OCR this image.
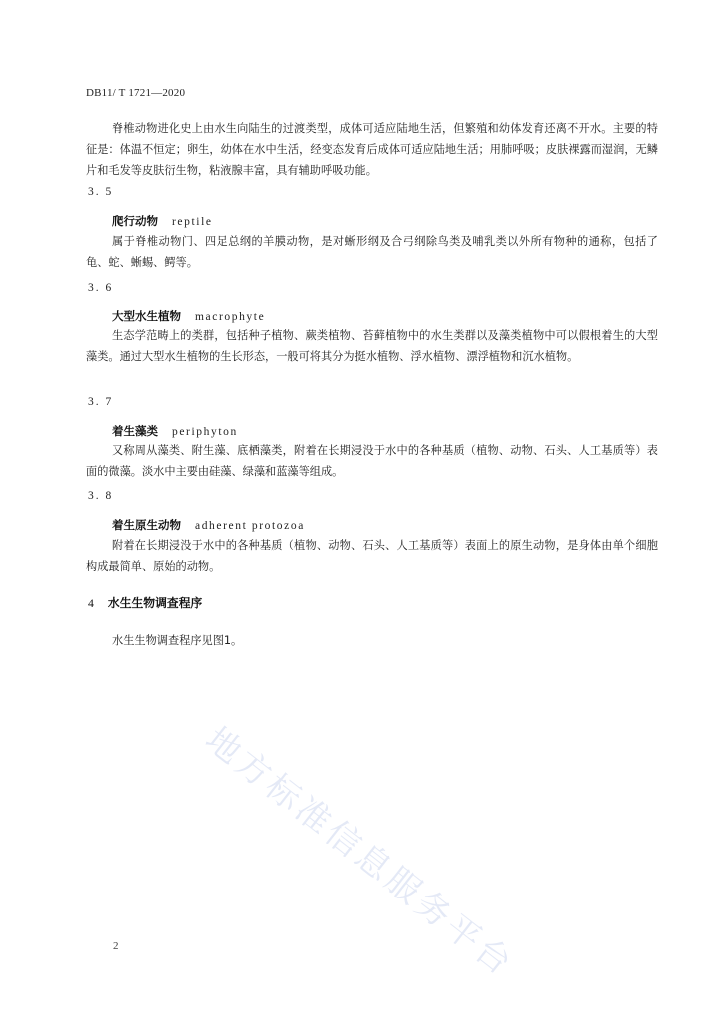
DB11/ T 1721—2020

脊椎动物进化史上由水生向陆生的过渡类型，成体可适应陆地生活，但繁殖和幼体发育还离不开水。主要的特征是：体温不恒定；卵生，幼体在水中生活，经变态发育后成体可适应陆地生活；用肺呼吸；皮肤裸露而湿润，无鳞片和毛发等皮肤衍生物，粘液腺丰富，具有辅助呼吸功能。

3. 5
爬行动物 reptile

属于脊椎动物门、四足总纲的羊膜动物，是对蜥形纲及合弓纲除鸟类及哺乳类以外所有物种的通称，包括了龟、蛇、蜥蜴、鳄等。

3. 6
大型水生植物 macrophyte

生态学范畴上的类群，包括种子植物、蕨类植物、苔藓植物中的水生类群以及藻类植物中可以假根着生的大型藻类。通过大型水生植物的生长形态，一般可将其分为挺水植物、浮水植物、漂浮植物和沉水植物。

3. 7
着生藻类 periphyton

又称周从藻类、附生藻、底栖藻类，附着在长期浸没于水中的各种基质（植物、动物、石头、人工基质等）表面的微藻。淡水中主要由硅藻、绿藻和蓝藻等组成。

3. 8
着生原生动物 adherent protozoa

附着在长期浸没于水中的各种基质（植物、动物、石头、人工基质等）表面上的原生动物，是身体由单个细胞构成最简单、原始的动物。

4 水生生物调查程序

水生生物调查程序见图1。

地方标准信息服务平台
2
